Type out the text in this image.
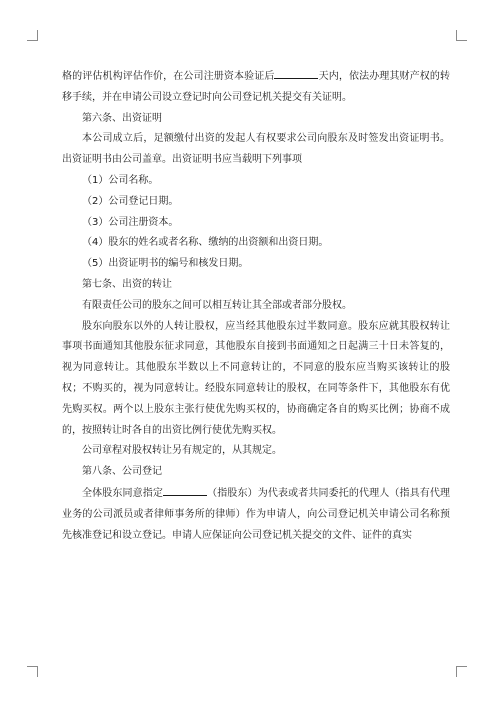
格的评估机构评估作价，在公司注册资本验证后	天内，依法办理其财产权的转移手续，并在申请公司设立登记时向公司登记机关提交有关证明。

第六条、出资证明

本公司成立后，足额缴付出资的发起人有权要求公司向股东及时签发出资证明书。出资证明书由公司盖章。出资证明书应当载明下列事项

（1）公司名称。

（2）公司登记日期。

（3）公司注册资本。

（4）股东的姓名或者名称、缴纳的出资额和出资日期。

（5）出资证明书的编号和核发日期。

第七条、出资的转让

有限责任公司的股东之间可以相互转让其全部或者部分股权。

股东向股东以外的人转让股权，应当经其他股东过半数同意。股东应就其股权转让事项书面通知其他股东征求同意，其他股东自接到书面通知之日起满三十日未答复的，视为同意转让。其他股东半数以上不同意转让的，不同意的股东应当购买该转让的股权；不购买的，视为同意转让。经股东同意转让的股权，在同等条件下，其他股东有优先购买权。两个以上股东主张行使优先购买权的，协商确定各自的购买比例；协商不成的，按照转让时各自的出资比例行使优先购买权。

公司章程对股权转让另有规定的，从其规定。

第八条、公司登记

全体股东同意指定	（指股东）为代表或者共同委托的代理人（指具有代理业务的公司派员或者律师事务所的律师）作为申请人，向公司登记机关申请公司名称预先核准登记和设立登记。申请人应保证向公司登记机关提交的文件、证件的真实
